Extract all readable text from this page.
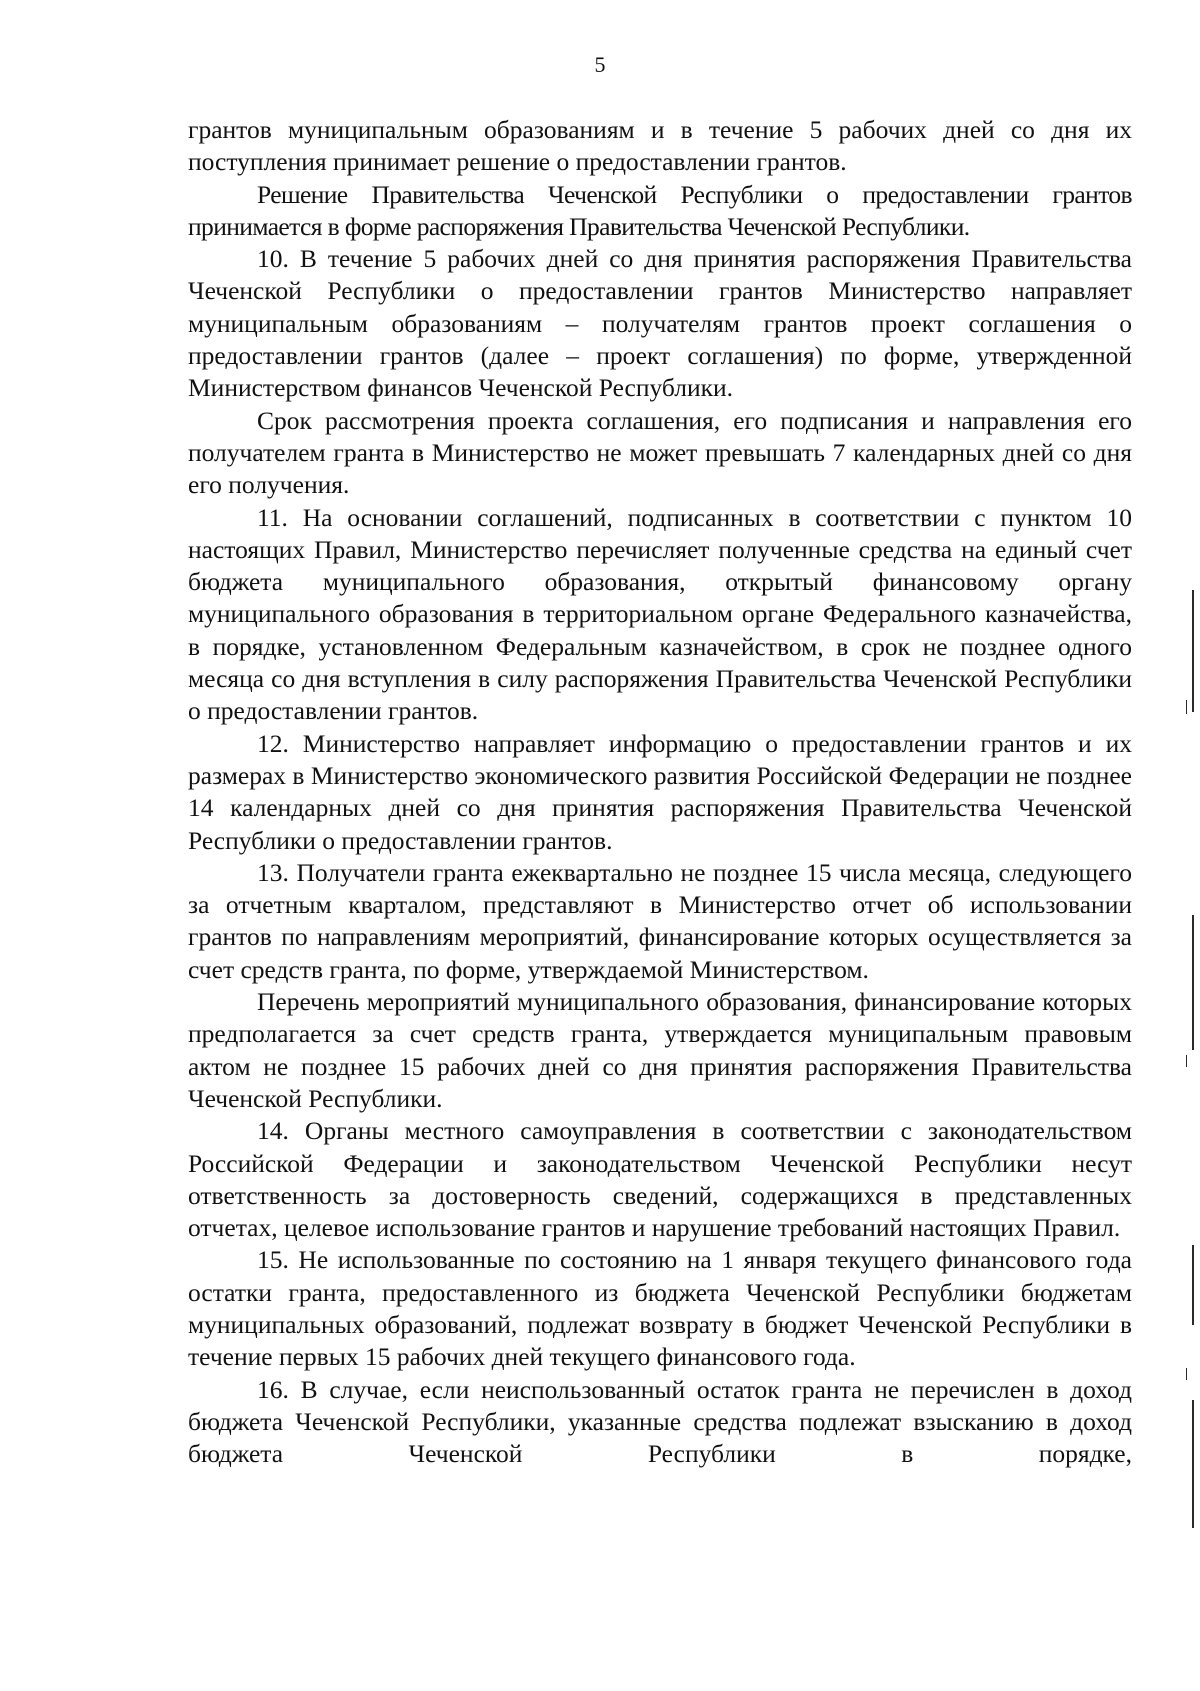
5

грантов муниципальным образованиям и в течение 5 рабочих дней со дня их поступления принимает решение о предоставлении грантов.

Решение Правительства Чеченской Республики о предоставлении грантов принимается в форме распоряжения Правительства Чеченской Республики.

10. В течение 5 рабочих дней со дня принятия распоряжения Правительства Чеченской Республики о предоставлении грантов Министерство направляет муниципальным образованиям – получателям грантов проект соглашения о предоставлении грантов (далее – проект соглашения) по форме, утвержденной Министерством финансов Чеченской Республики.

Срок рассмотрения проекта соглашения, его подписания и направления его получателем гранта в Министерство не может превышать 7 календарных дней со дня его получения.

11. На основании соглашений, подписанных в соответствии с пунктом 10 настоящих Правил, Министерство перечисляет полученные средства на единый счет бюджета муниципального образования, открытый финансовому органу муниципального образования в территориальном органе Федерального казначейства, в порядке, установленном Федеральным казначейством, в срок не позднее одного месяца со дня вступления в силу распоряжения Правительства Чеченской Республики о предоставлении грантов.

12. Министерство направляет информацию о предоставлении грантов и их размерах в Министерство экономического развития Российской Федерации не позднее 14 календарных дней со дня принятия распоряжения Правительства Чеченской Республики о предоставлении грантов.

13. Получатели гранта ежеквартально не позднее 15 числа месяца, следующего за отчетным кварталом, представляют в Министерство отчет об использовании грантов по направлениям мероприятий, финансирование которых осуществляется за счет средств гранта, по форме, утверждаемой Министерством.

Перечень мероприятий муниципального образования, финансирование которых предполагается за счет средств гранта, утверждается муниципальным правовым актом не позднее 15 рабочих дней со дня принятия распоряжения Правительства Чеченской Республики.

14. Органы местного самоуправления в соответствии с законодательством Российской Федерации и законодательством Чеченской Республики несут ответственность за достоверность сведений, содержащихся в представленных отчетах, целевое использование грантов и нарушение требований настоящих Правил.

15. Не использованные по состоянию на 1 января текущего финансового года остатки гранта, предоставленного из бюджета Чеченской Республики бюджетам муниципальных образований, подлежат возврату в бюджет Чеченской Республики в течение первых 15 рабочих дней текущего финансового года.

16. В случае, если неиспользованный остаток гранта не перечислен в доход бюджета Чеченской Республики, указанные средства подлежат взысканию в доход бюджета Чеченской Республики в порядке,
